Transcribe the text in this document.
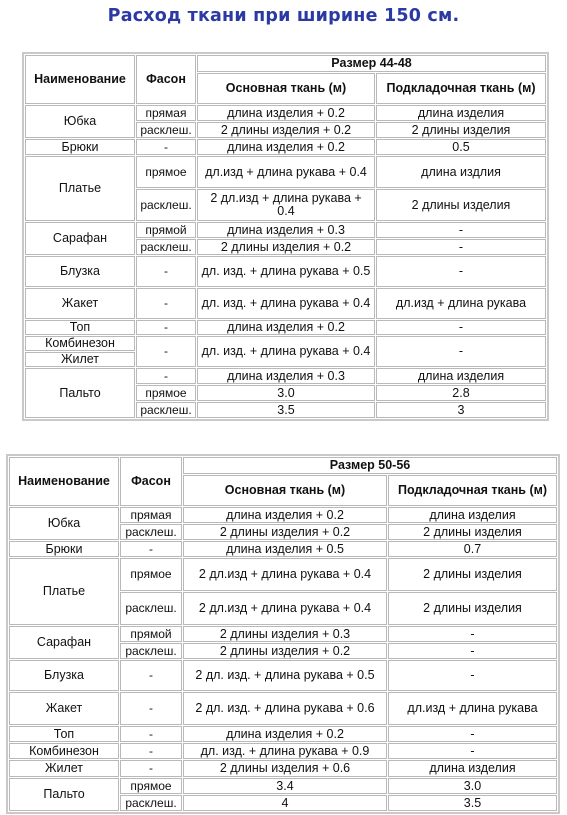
Расход ткани при ширине 150 см.
Наименование	Фасон	Размер 44-48	
		Основная ткань (м)	Подкладочная ткань (м)
Юбка	прямая	длина изделия + 0.2	длина изделия
	расклеш.	2 длины изделия + 0.2	2 длины изделия
Брюки	-	длина изделия + 0.2	0.5
Платье	прямое	дл.изд + длина рукава + 0.4	длина издлия
	расклеш.	2 дл.изд + длина рукава + 0.4	2 длины изделия
Сарафан	прямой	длина изделия + 0.3	-
	расклеш.	2 длины изделия + 0.2	-
Блузка	-	дл. изд. + длина рукава + 0.5	-
Жакет	-	дл. изд. + длина рукава + 0.4	дл.изд + длина рукава
Топ	-	длина изделия + 0.2	-
Комбинезон	-	дл. изд. + длина рукава + 0.4	-
Жилет			
Пальто	-	длина изделия + 0.3	длина изделия
	прямое	3.0	2.8
	расклеш.	3.5	3
Наименование	Фасон	Размер 50-56	
		Основная ткань (м)	Подкладочная ткань (м)
Юбка	прямая	длина изделия + 0.2	длина изделия
	расклеш.	2 длины изделия + 0.2	2 длины изделия
Брюки	-	длина изделия + 0.5	0.7
Платье	прямое	2 дл.изд + длина рукава + 0.4	2 длины изделия
	расклеш.	2 дл.изд + длина рукава + 0.4	2 длины изделия
Сарафан	прямой	2 длины изделия + 0.3	-
	расклеш.	2 длины изделия + 0.2	-
Блузка	-	2 дл. изд. + длина рукава + 0.5	-
Жакет	-	2 дл. изд. + длина рукава + 0.6	дл.изд + длина рукава
Топ	-	длина изделия + 0.2	-
Комбинезон	-	дл. изд. + длина рукава + 0.9	-
Жилет	-	2 длины изделия + 0.6	длина изделия
Пальто	прямое	3.4	3.0
	расклеш.	4	3.5
